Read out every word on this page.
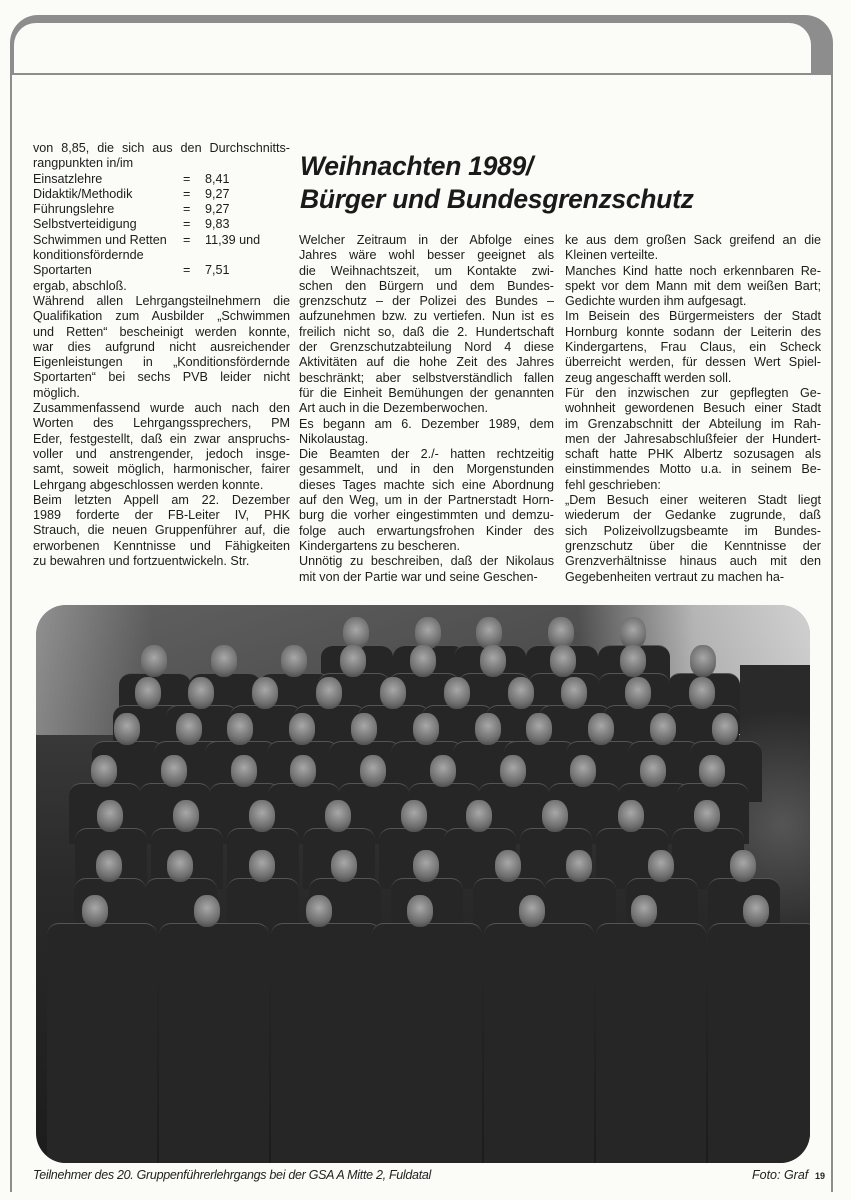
von 8,85, die sich aus den Durchschnitts-
rangpunkten in/im
Einsatzlehre	=	8,41
Didaktik/Methodik	=	9,27
Führungslehre	=	9,27
Selbstverteidigung	=	9,83
Schwimmen und Retten	=	11,39 und
konditionsfördernde
Sportarten	=	7,51
ergab, abschloß.
Während allen Lehrgangsteilnehmern die
Qualifikation zum Ausbilder „Schwimmen
und Retten“ bescheinigt werden konnte,
war dies aufgrund nicht ausreichender
Eigenleistungen in „Konditionsfördernde
Sportarten“ bei sechs PVB leider nicht
möglich.
Zusammenfassend wurde auch nach den
Worten des Lehrgangssprechers, PM
Eder, festgestellt, daß ein zwar anspruchs-
voller und anstrengender, jedoch insge-
samt, soweit möglich, harmonischer, fairer
Lehrgang abgeschlossen werden konnte.
Beim letzten Appell am 22. Dezember
1989 forderte der FB-Leiter IV, PHK
Strauch, die neuen Gruppenführer auf, die
erworbenen Kenntnisse und Fähigkeiten
zu bewahren und fortzuentwickeln. Str.
Weihnachten 1989/
Bürger und Bundesgrenzschutz
Welcher Zeitraum in der Abfolge eines
Jahres wäre wohl besser geeignet als
die Weihnachtszeit, um Kontakte zwi-
schen den Bürgern und dem Bundes-
grenzschutz – der Polizei des Bundes –
aufzunehmen bzw. zu vertiefen. Nun ist es
freilich nicht so, daß die 2. Hundertschaft
der Grenzschutzabteilung Nord 4 diese
Aktivitäten auf die hohe Zeit des Jahres
beschränkt; aber selbstverständlich fallen
für die Einheit Bemühungen der genannten
Art auch in die Dezemberwochen.
Es begann am 6. Dezember 1989, dem
Nikolaustag.
Die Beamten der 2./- hatten rechtzeitig
gesammelt, und in den Morgenstunden
dieses Tages machte sich eine Abordnung
auf den Weg, um in der Partnerstadt Horn-
burg die vorher eingestimmten und demzu-
folge auch erwartungsfrohen Kinder des
Kindergartens zu bescheren.
Unnötig zu beschreiben, daß der Nikolaus
mit von der Partie war und seine Geschen-
ke aus dem großen Sack greifend an die
Kleinen verteilte.
Manches Kind hatte noch erkennbaren Re-
spekt vor dem Mann mit dem weißen Bart;
Gedichte wurden ihm aufgesagt.
Im Beisein des Bürgermeisters der Stadt
Hornburg konnte sodann der Leiterin des
Kindergartens, Frau Claus, ein Scheck
überreicht werden, für dessen Wert Spiel-
zeug angeschafft werden soll.
Für den inzwischen zur gepflegten Ge-
wohnheit gewordenen Besuch einer Stadt
im Grenzabschnitt der Abteilung im Rah-
men der Jahresabschlußfeier der Hundert-
schaft hatte PHK Albertz sozusagen als
einstimmendes Motto u.a. in seinem Be-
fehl geschrieben:
„Dem Besuch einer weiteren Stadt liegt
wiederum der Gedanke zugrunde, daß
sich Polizeivollzugsbeamte im Bundes-
grenzschutz über die Kenntnisse der
Grenzverhältnisse hinaus auch mit den
Gegebenheiten vertraut zu machen ha-
Teilnehmer des 20. Gruppenführerlehrgangs bei der GSA A Mitte 2, Fuldatal	Foto: Graf 19
